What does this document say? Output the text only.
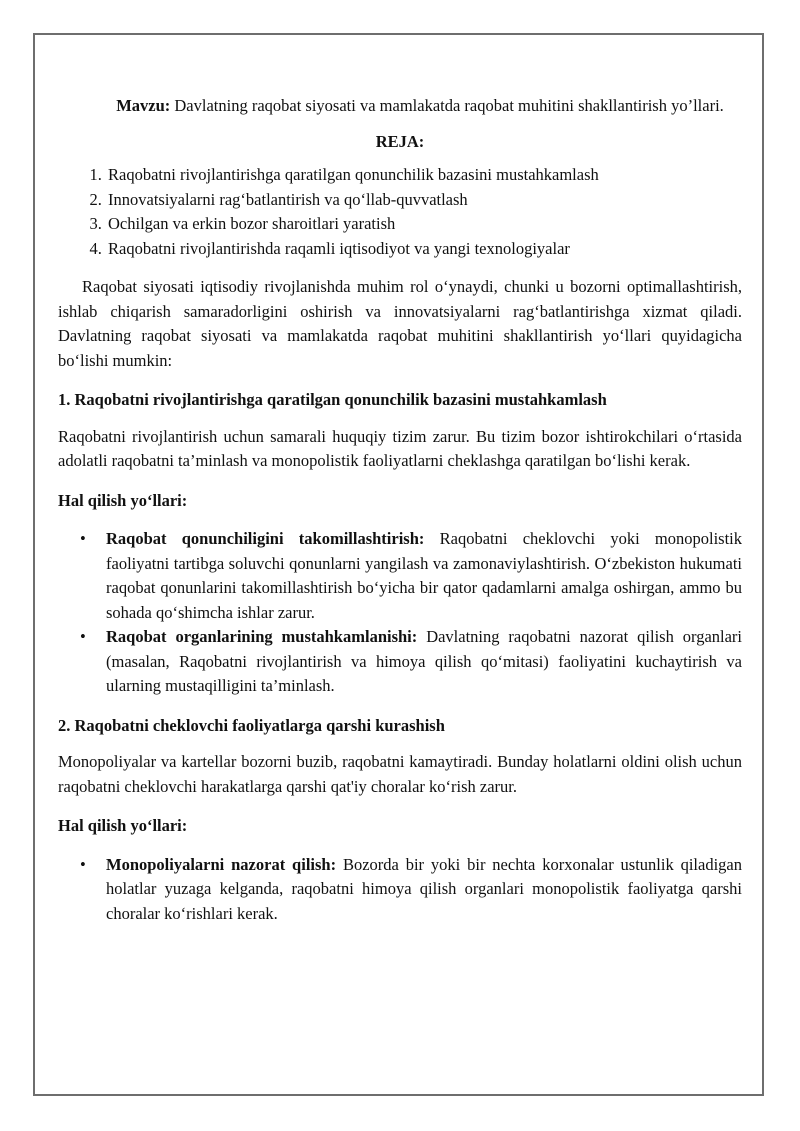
Mavzu: Davlatning raqobat siyosati va mamlakatda raqobat muhitini shakllantirish yo’llari.

REJA:
1. Raqobatni rivojlantirishga qaratilgan qonunchilik bazasini mustahkamlash
2. Innovatsiyalarni rag‘batlantirish va qo‘llab-quvvatlash
3. Ochilgan va erkin bozor sharoitlari yaratish
4. Raqobatni rivojlantirishda raqamli iqtisodiyot va yangi texnologiyalar

Raqobat siyosati iqtisodiy rivojlanishda muhim rol o‘ynaydi, chunki u bozorni optimallashtirish, ishlab chiqarish samaradorligini oshirish va innovatsiyalarni rag‘batlantirishga xizmat qiladi. Davlatning raqobat siyosati va mamlakatda raqobat muhitini shakllantirish yo‘llari quyidagicha bo‘lishi mumkin:

1. Raqobatni rivojlantirishga qaratilgan qonunchilik bazasini mustahkamlash

Raqobatni rivojlantirish uchun samarali huquqiy tizim zarur. Bu tizim bozor ishtirokchilari o‘rtasida adolatli raqobatni ta’minlash va monopolistik faoliyatlarni cheklashga qaratilgan bo‘lishi kerak.

Hal qilish yo‘llari:
• Raqobat qonunchiligini takomillashtirish: Raqobatni cheklovchi yoki monopolistik faoliyatni tartibga soluvchi qonunlarni yangilash va zamonaviylashtirish. O‘zbekiston hukumati raqobat qonunlarini takomillashtirish bo‘yicha bir qator qadamlarni amalga oshirgan, ammo bu sohada qo‘shimcha ishlar zarur.
• Raqobat organlarining mustahkamlanishi: Davlatning raqobatni nazorat qilish organlari (masalan, Raqobatni rivojlantirish va himoya qilish qo‘mitasi) faoliyatini kuchaytirish va ularning mustaqilligini ta’minlash.
2. Raqobatni cheklovchi faoliyatlarga qarshi kurashish

Monopoliyalar va kartellar bozorni buzib, raqobatni kamaytiradi. Bunday holatlarni oldini olish uchun raqobatni cheklovchi harakatlarga qarshi qat'iy choralar ko‘rish zarur.

Hal qilish yo‘llari:
• Monopoliyalarni nazorat qilish: Bozorda bir yoki bir nechta korxonalar ustunlik qiladigan holatlar yuzaga kelganda, raqobatni himoya qilish organlari monopolistik faoliyatga qarshi choralar ko‘rishlari kerak.
